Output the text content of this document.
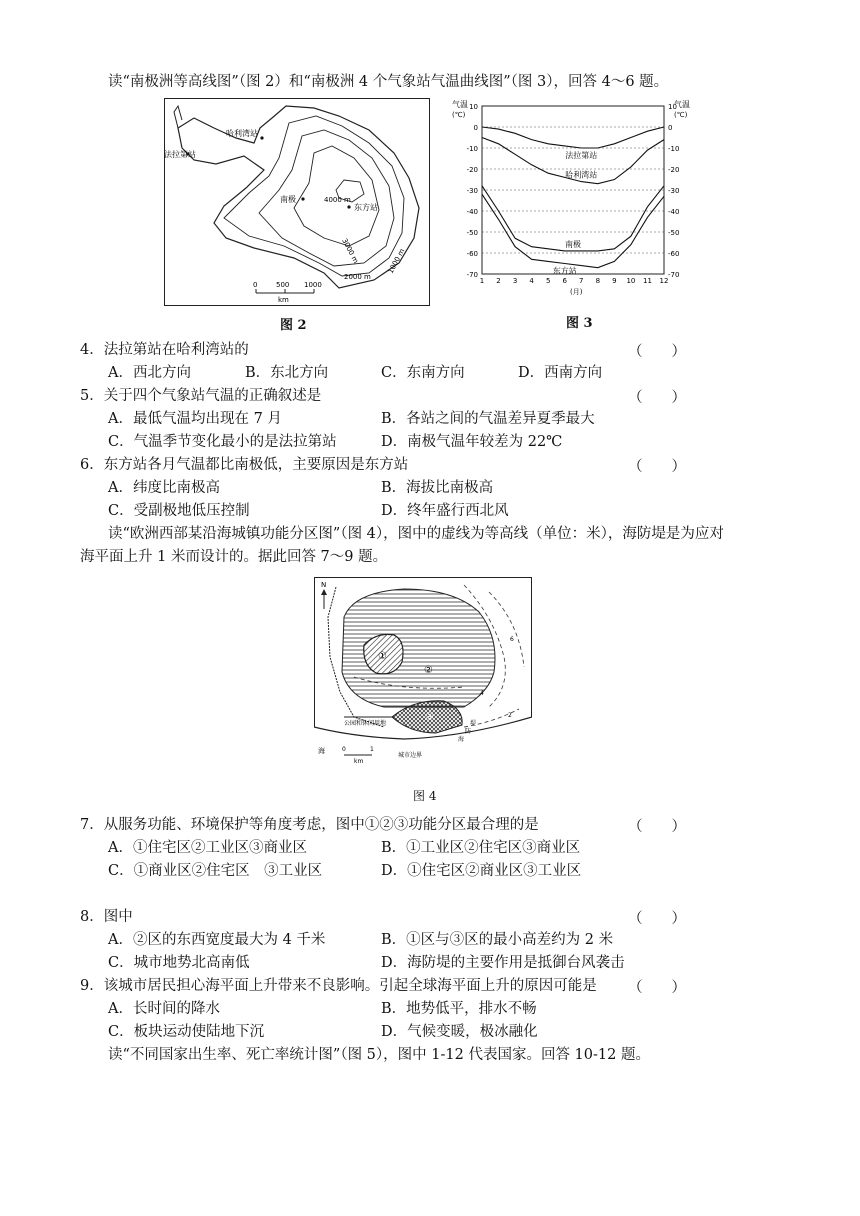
读“南极洲等高线图”（图 2）和“南极洲 4 个气象站气温曲线图”（图 3），回答 4～6 题。
哈利湾站
法拉第站
南极
东方站
4000 m
3000 m
2000 m
1000 m
0	500 1000
km
图 2
气温
(℃)
气温
(℃)
10	10
0	0
-10	-10
-20	-20
-30	-30
-40	-40
-50	-50
-60	-60
-70	-70
1 2 3 4 5 6 7 8 9 10 11 12
法拉第站
哈利湾站
南极
东方站
(月)
图 3
4．法拉第站在哈利湾站的	（　　）
A．西北方向	B．东北方向	C．东南方向	D．西南方向
5．关于四个气象站气温的正确叙述是	（　　）
A．最低气温均出现在 7 月	B．各站之间的气温差异夏季最大
C．气温季节变化最小的是法拉第站	D．南极气温年较差为 22℃
6．东方站各月气温都比南极低，主要原因是东方站	（　　）
A．纬度比南极高	B．海拔比南极高
C．受副极地低压控制	D．终年盛行西北风
读“欧洲西部某沿海城镇功能分区图”（图 4），图中的虚线为等高线（单位：米），海防堤是为应对
海平面上升 1 米而设计的。据此回答 7～9 题。
N
①
②
③
公园和休闲用地
海
海
防
堤
城市边界
6
4
2
0	1
km
图 4
7．从服务功能、环境保护等角度考虑，图中①②③功能分区最合理的是	（　　）
A．①住宅区②工业区③商业区	B．①工业区②住宅区③商业区
C．①商业区②住宅区　③工业区	D．①住宅区②商业区③工业区
8．图中	（　　）
A．②区的东西宽度最大为 4 千米	B．①区与③区的最小高差约为 2 米
C．城市地势北高南低	D．海防堤的主要作用是抵御台风袭击
9．该城市居民担心海平面上升带来不良影响。引起全球海平面上升的原因可能是 （　　）
A．长时间的降水	B．地势低平，排水不畅
C．板块运动使陆地下沉	D．气候变暖，极冰融化
读“不同国家出生率、死亡率统计图”（图 5），图中 1-12 代表国家。回答 10-12 题。
